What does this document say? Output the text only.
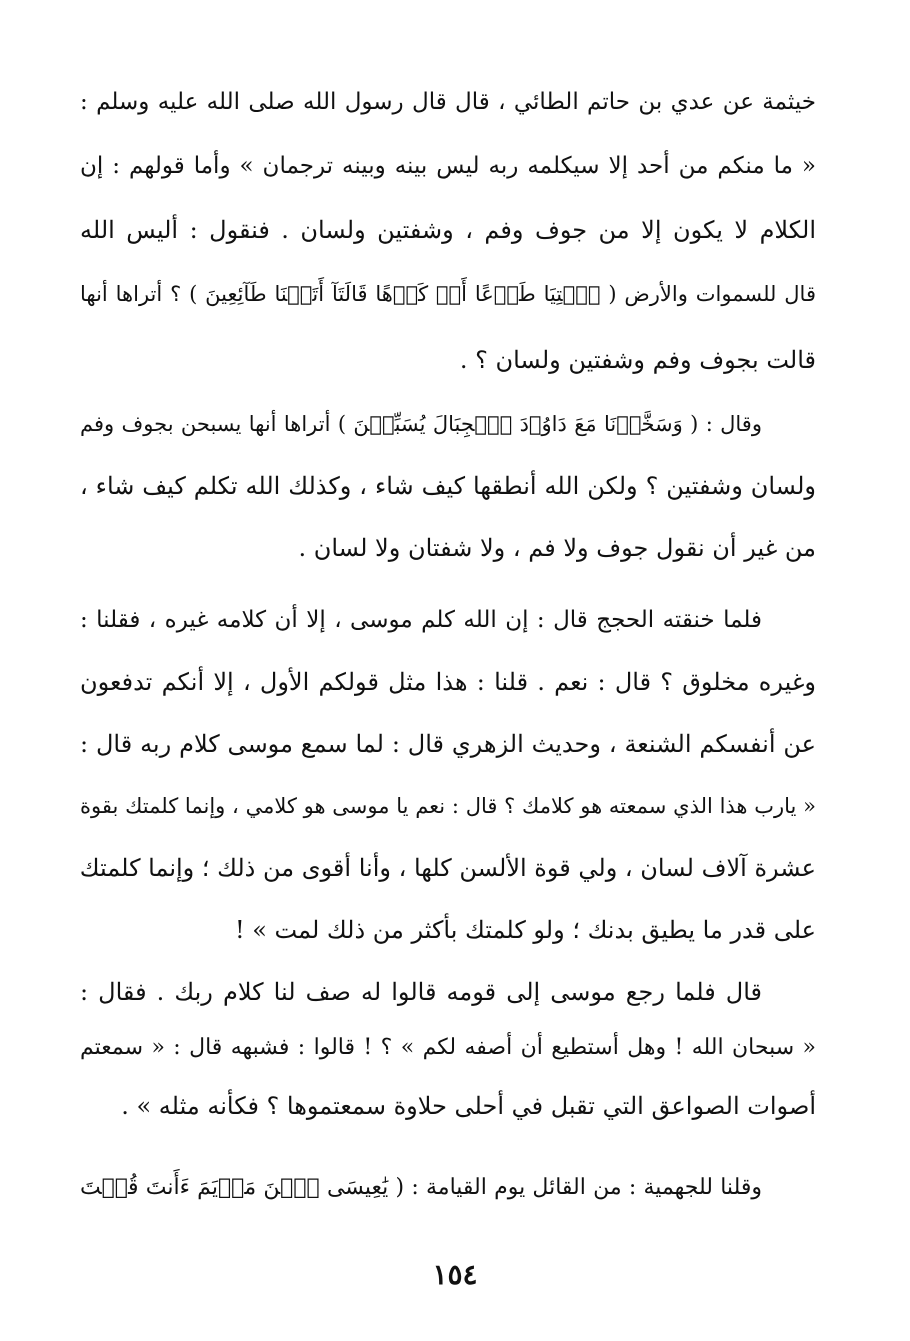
خيثمة عن عدي بن حاتم الطائي ، قال قال رسول الله صلى الله عليه وسلم :
« ما منكم من أحد إلا سيكلمه ربه ليس بينه وبينه ترجمان » وأما قولهم : إن
الكلام لا يكون إلا من جوف وفم ، وشفتين ولسان . فنقول : أليس الله
قال للسموات والأرض ( ٱئۡتِيَا طَوۡعًا أَوۡ كَرۡهًا قَالَتَآ أَتَيۡنَا طَآئِعِينَ ) ؟ أتراها أنها
قالت بجوف وفم وشفتين ولسان ؟ .
وقال : ( وَسَخَّرۡنَا مَعَ دَاوُۥدَ ٱلۡجِبَالَ يُسَبِّحۡنَ ) أتراها أنها يسبحن بجوف وفم
ولسان وشفتين ؟ ولكن الله أنطقها كيف شاء ، وكذلك الله تكلم كيف شاء ،
من غير أن نقول جوف ولا فم ، ولا شفتان ولا لسان .
فلما خنقته الحجج قال : إن الله كلم موسى ، إلا أن كلامه غيره ، فقلنا :
وغيره مخلوق ؟ قال : نعم . قلنا : هذا مثل قولكم الأول ، إلا أنكم تدفعون
عن أنفسكم الشنعة ، وحديث الزهري قال : لما سمع موسى كلام ربه قال :
« يارب هذا الذي سمعته هو كلامك ؟ قال : نعم يا موسى هو كلامي ، وإنما كلمتك بقوة
عشرة آلاف لسان ، ولي قوة الألسن كلها ، وأنا أقوى من ذلك ؛ وإنما كلمتك
على قدر ما يطيق بدنك ؛ ولو كلمتك بأكثر من ذلك لمت » !
قال فلما رجع موسى إلى قومه قالوا له صف لنا كلام ربك . فقال :
« سبحان الله ! وهل أستطيع أن أصفه لكم » ؟ ! قالوا : فشبهه قال : « سمعتم
أصوات الصواعق التي تقبل في أحلى حلاوة سمعتموها ؟ فكأنه مثله » .
وقلنا للجهمية : من القائل يوم القيامة : ( يَٰعِيسَى ٱبۡنَ مَرۡيَمَ ءَأَنتَ قُلۡتَ
١٥٤
